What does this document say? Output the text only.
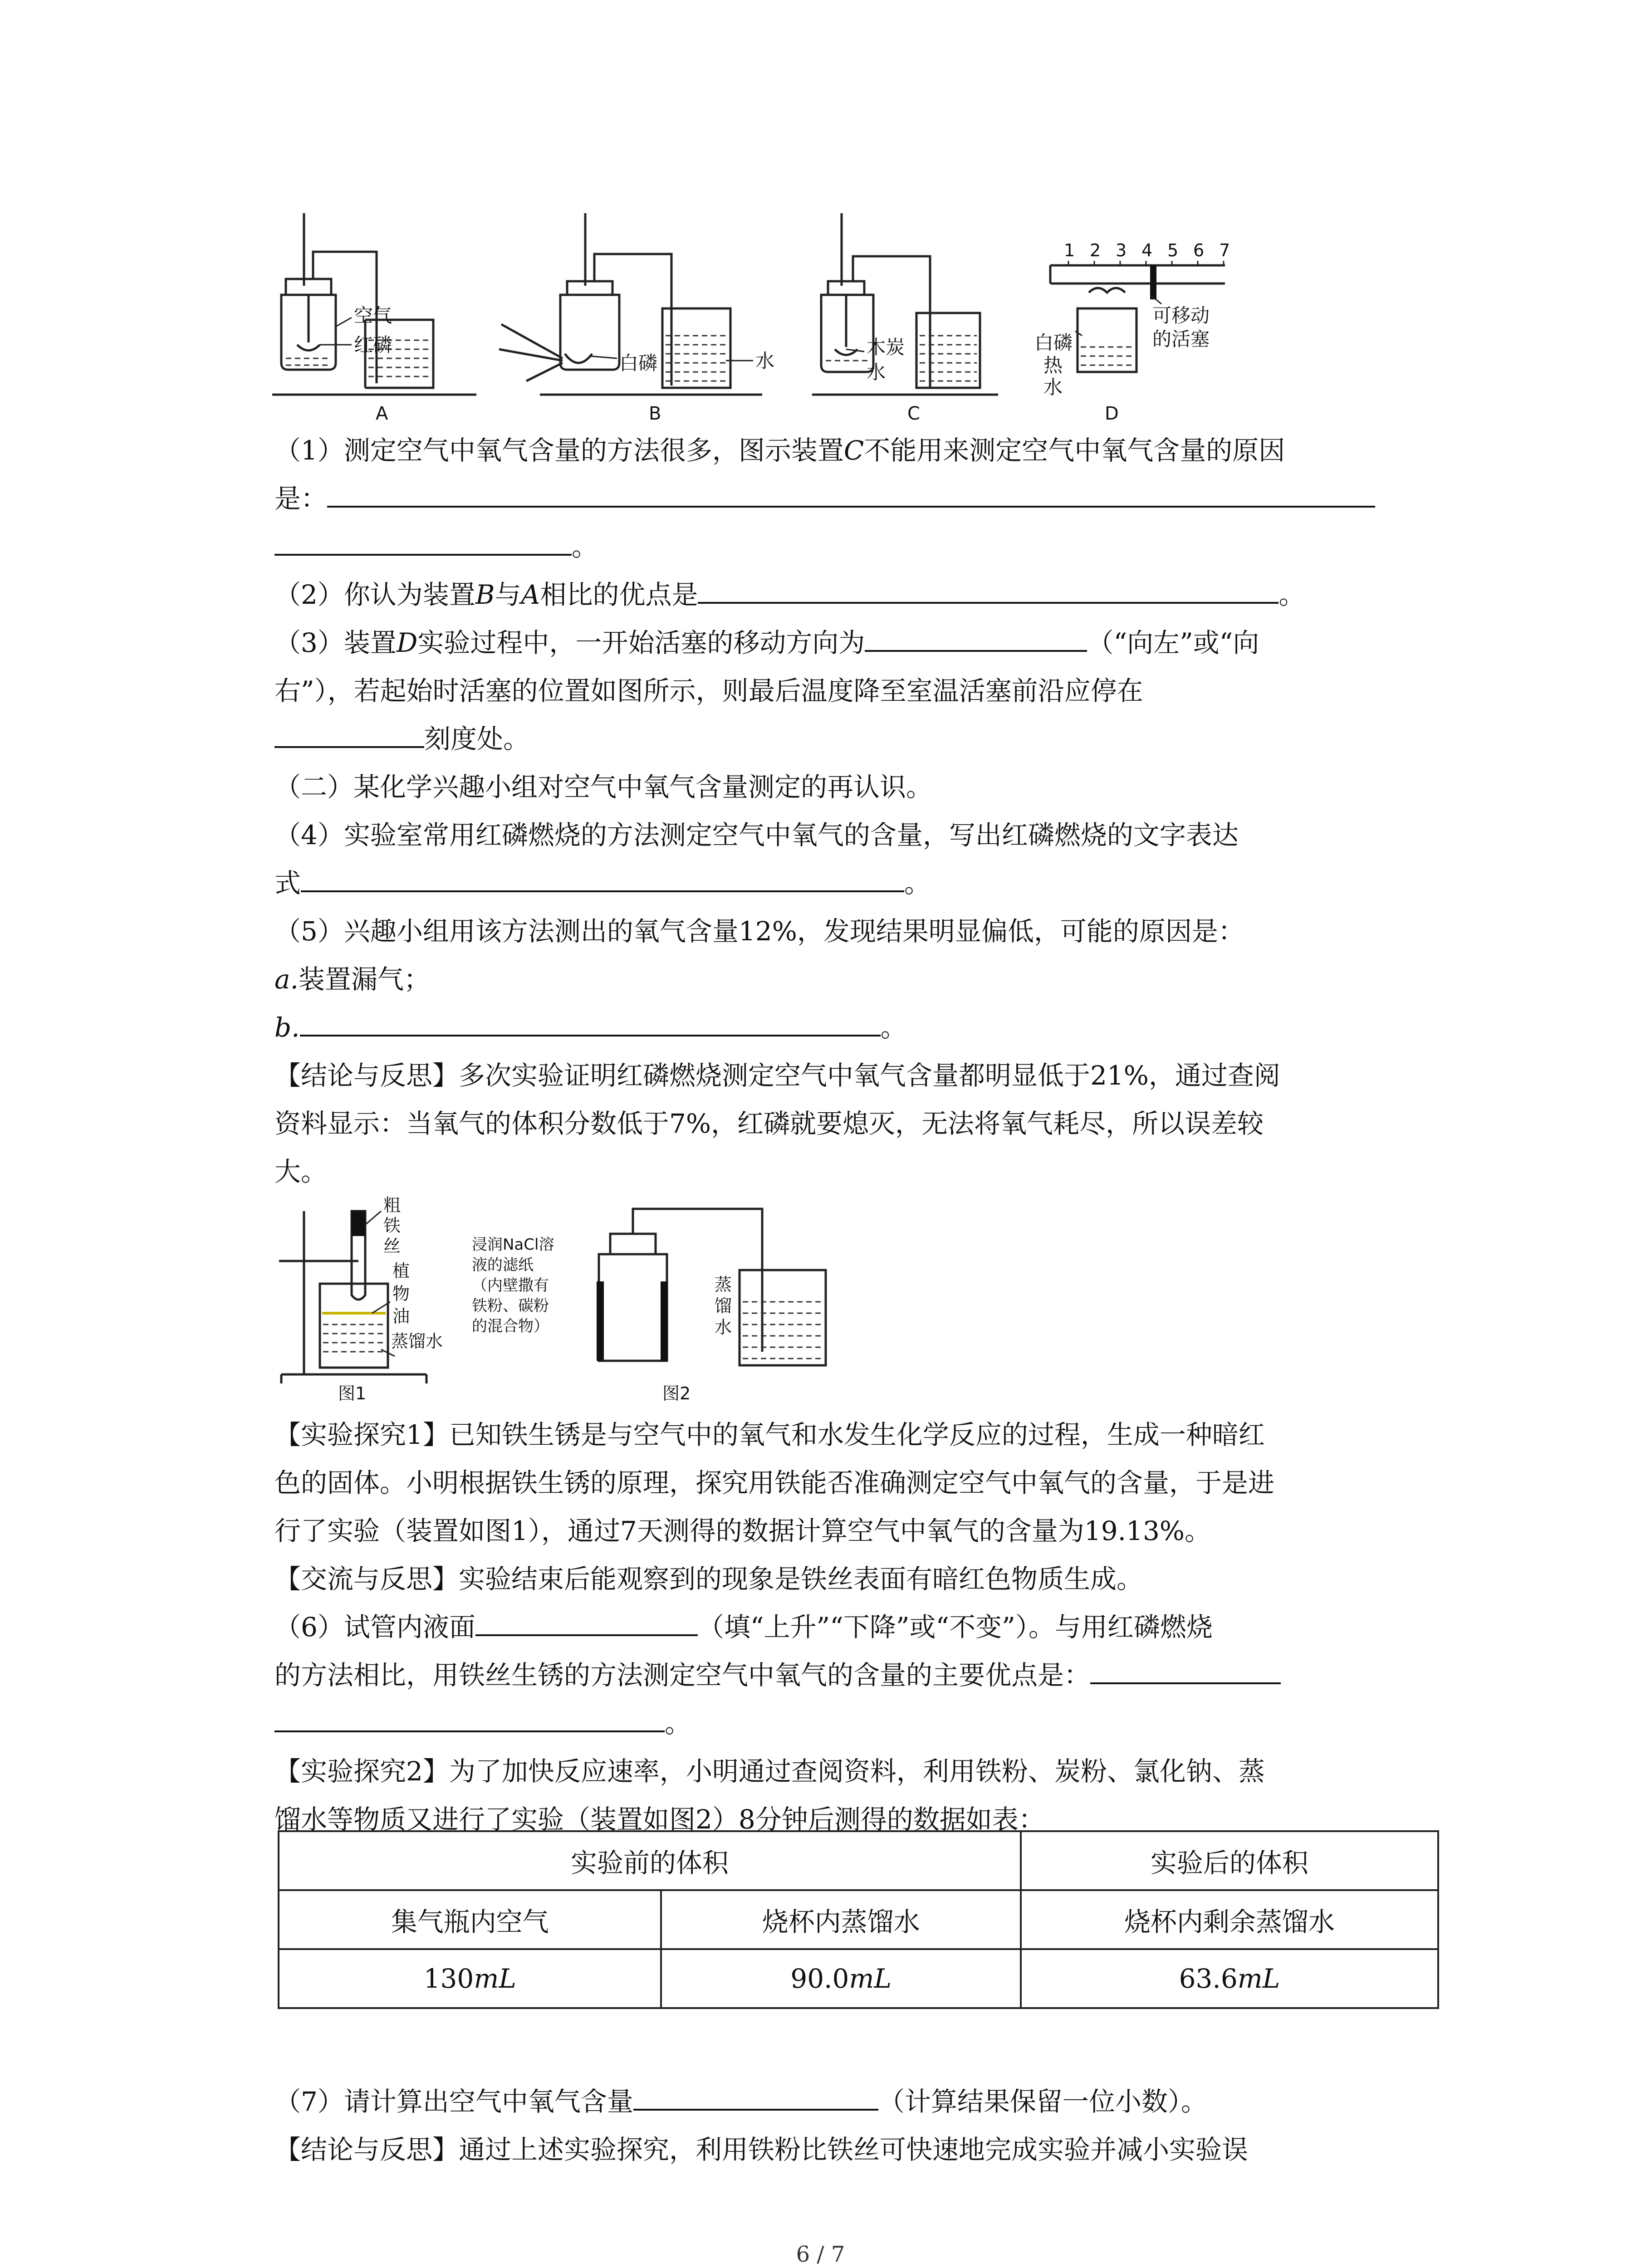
空气
红磷
白磷	水
木炭
水
白磷
热
水
可移动
的活塞
1 2 3 4 5 6 7
A	B	C	D
（1）测定空气中氧气含量的方法很多，图示装置C不能用来测定空气中氧气含量的原因
是：
。
（2）你认为装置B与A相比的优点是	。
（3）装置D实验过程中，一开始活塞的移动方向为	（“向左”或“向
右”），若起始时活塞的位置如图所示，则最后温度降至室温活塞前沿应停在
刻度处。
（二）某化学兴趣小组对空气中氧气含量测定的再认识。
（4）实验室常用红磷燃烧的方法测定空气中氧气的含量，写出红磷燃烧的文字表达
式	。
（5）兴趣小组用该方法测出的氧气含量12%，发现结果明显偏低，可能的原因是：
a.装置漏气；
b.	。
【结论与反思】多次实验证明红磷燃烧测定空气中氧气含量都明显低于21%，通过查阅
资料显示：当氧气的体积分数低于7%，红磷就要熄灭，无法将氧气耗尽，所以误差较
大。
粗
铁
丝
植
物
油
蒸馏水
图1
浸润NaCl溶
液的滤纸
（内壁撒有
铁粉、碳粉
的混合物）
蒸
馏
水
图2
【实验探究1】已知铁生锈是与空气中的氧气和水发生化学反应的过程，生成一种暗红
色的固体。小明根据铁生锈的原理，探究用铁能否准确测定空气中氧气的含量，于是进
行了实验（装置如图1），通过7天测得的数据计算空气中氧气的含量为19.13%。
【交流与反思】实验结束后能观察到的现象是铁丝表面有暗红色物质生成。
（6）试管内液面	（填“上升”“下降”或“不变”）。与用红磷燃烧
的方法相比，用铁丝生锈的方法测定空气中氧气的含量的主要优点是：
。
【实验探究2】为了加快反应速率，小明通过查阅资料，利用铁粉、炭粉、氯化钠、蒸
馏水等物质又进行了实验（装置如图2）8分钟后测得的数据如表：
实验前的体积		实验后的体积
集气瓶内空气	烧杯内蒸馏水	烧杯内剩余蒸馏水
130mL	90.0mL	63.6mL
（7）请计算出空气中氧气含量	（计算结果保留一位小数）。
【结论与反思】通过上述实验探究，利用铁粉比铁丝可快速地完成实验并减小实验误
6 / 7
